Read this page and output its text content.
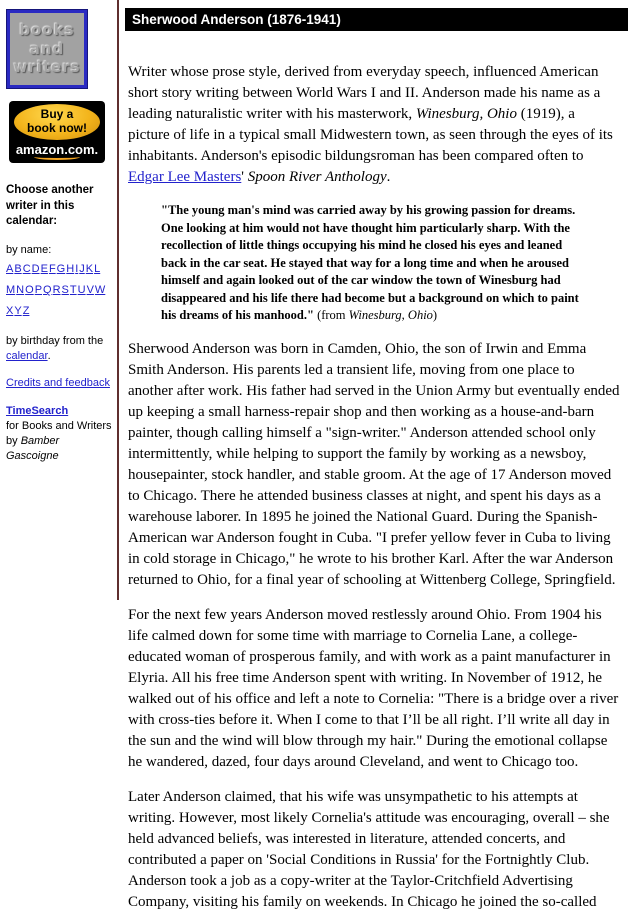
books
and
writers
Buy a
book now!
amazon.com.
Choose another writer in this calendar:
by name:
ABCDEFGHIJKL
MNOPQRSTUVW
XYZ
by birthday from the calendar.
Credits and feedback
TimeSearch
for Books and Writers
by Bamber Gascoigne
Sherwood Anderson (1876-1941)

Writer whose prose style, derived from everyday speech, influenced American short story writing between World Wars I and II. Anderson made his name as a leading naturalistic writer with his masterwork, Winesburg, Ohio (1919), a picture of life in a typical small Midwestern town, as seen through the eyes of its inhabitants. Anderson's episodic bildungsroman has been compared often to Edgar Lee Masters' Spoon River Anthology.

"The young man's mind was carried away by his growing passion for dreams. One looking at him would not have thought him particularly sharp. With the recollection of little things occupying his mind he closed his eyes and leaned back in the car seat. He stayed that way for a long time and when he aroused himself and again looked out of the car window the town of Winesburg had disappeared and his life there had become but a background on which to paint his dreams of his manhood." (from Winesburg, Ohio)

Sherwood Anderson was born in Camden, Ohio, the son of Irwin and Emma Smith Anderson. His parents led a transient life, moving from one place to another after work. His father had served in the Union Army but eventually ended up keeping a small harness-repair shop and then working as a house-and-barn painter, though calling himself a "sign-writer." Anderson attended school only intermittently, while helping to support the family by working as a newsboy, housepainter, stock handler, and stable groom. At the age of 17 Anderson moved to Chicago. There he attended business classes at night, and spent his days as a warehouse laborer. In 1895 he joined the National Guard. During the Spanish-American war Anderson fought in Cuba. "I prefer yellow fever in Cuba to living in cold storage in Chicago," he wrote to his brother Karl. After the war Anderson returned to Ohio, for a final year of schooling at Wittenberg College, Springfield.

For the next few years Anderson moved restlessly around Ohio. From 1904 his life calmed down for some time with marriage to Cornelia Lane, a college-educated woman of prosperous family, and with work as a paint manufacturer in Elyria. All his free time Anderson spent with writing. In November of 1912, he walked out of his office and left a note to Cornelia: "There is a bridge over a river with cross-ties before it. When I come to that I’ll be all right. I’ll write all day in the sun and the wind will blow through my hair." During the emotional collapse he wandered, dazed, four days around Cleveland, and went to Chicago too.

Later Anderson claimed, that his wife was unsympathetic to his attempts at writing. However, most likely Cornelia's attitude was encouraging, overall – she held advanced beliefs, was interested in literature, attended concerts, and contributed a paper on 'Social Conditions in Russia' for the Fortnightly Club. Anderson took a job as a copy-writer at the Taylor-Critchfield Advertising Company, visiting his family on weekends. In Chicago he joined the so-called
